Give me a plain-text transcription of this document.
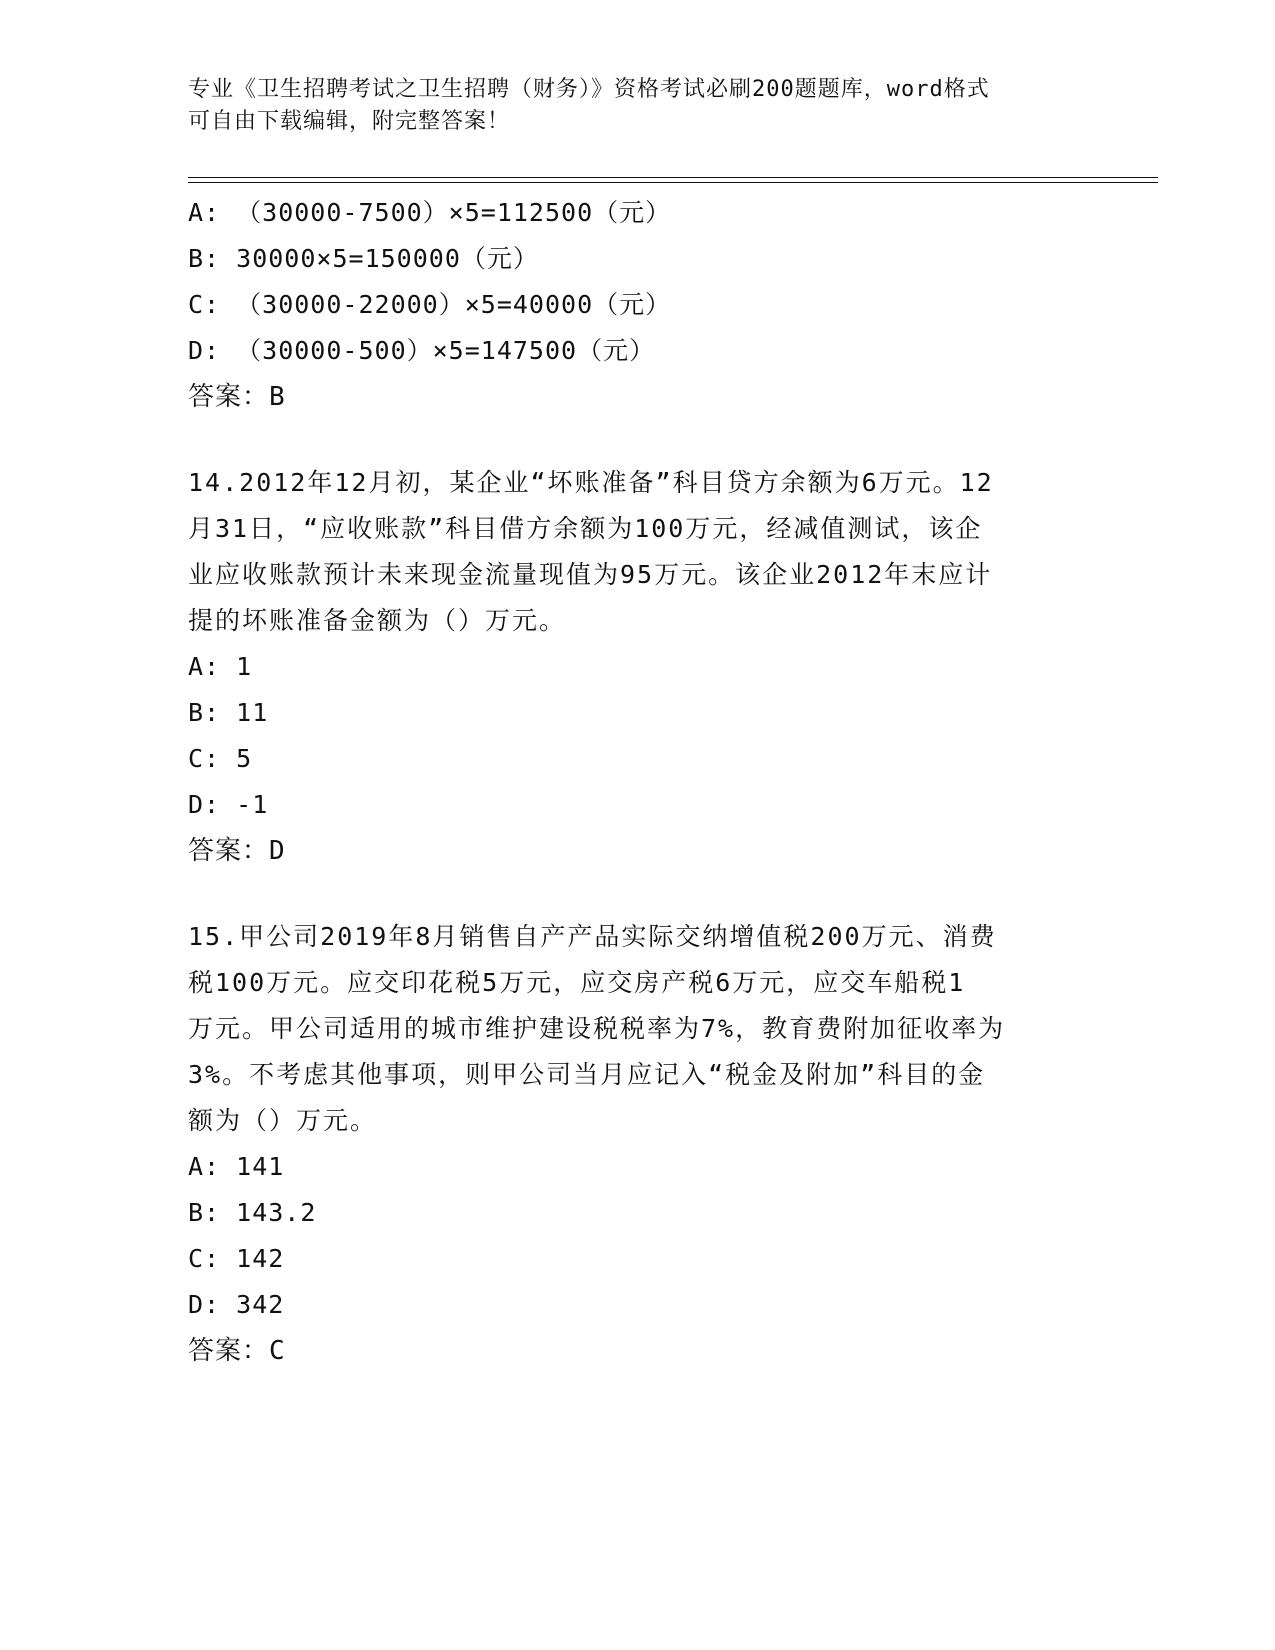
专业《卫生招聘考试之卫生招聘（财务）》资格考试必刷200题题库，word格式
可自由下载编辑，附完整答案！
A: （30000-7500）×5=112500（元）
B: 30000×5=150000（元）
C: （30000-22000）×5=40000（元）
D: （30000-500）×5=147500（元）
答案：B
14.2012年12月初，某企业“坏账准备”科目贷方余额为6万元。12
月31日，“应收账款”科目借方余额为100万元，经减值测试，该企
业应收账款预计未来现金流量现值为95万元。该企业2012年末应计
提的坏账准备金额为（）万元。
A: 1
B: 11
C: 5
D: -1
答案：D
15.甲公司2019年8月销售自产产品实际交纳增值税200万元、消费
税100万元。应交印花税5万元，应交房产税6万元，应交车船税1
万元。甲公司适用的城市维护建设税税率为7%，教育费附加征收率为
3%。不考虑其他事项，则甲公司当月应记入“税金及附加”科目的金
额为（）万元。
A: 141
B: 143.2
C: 142
D: 342
答案：C
